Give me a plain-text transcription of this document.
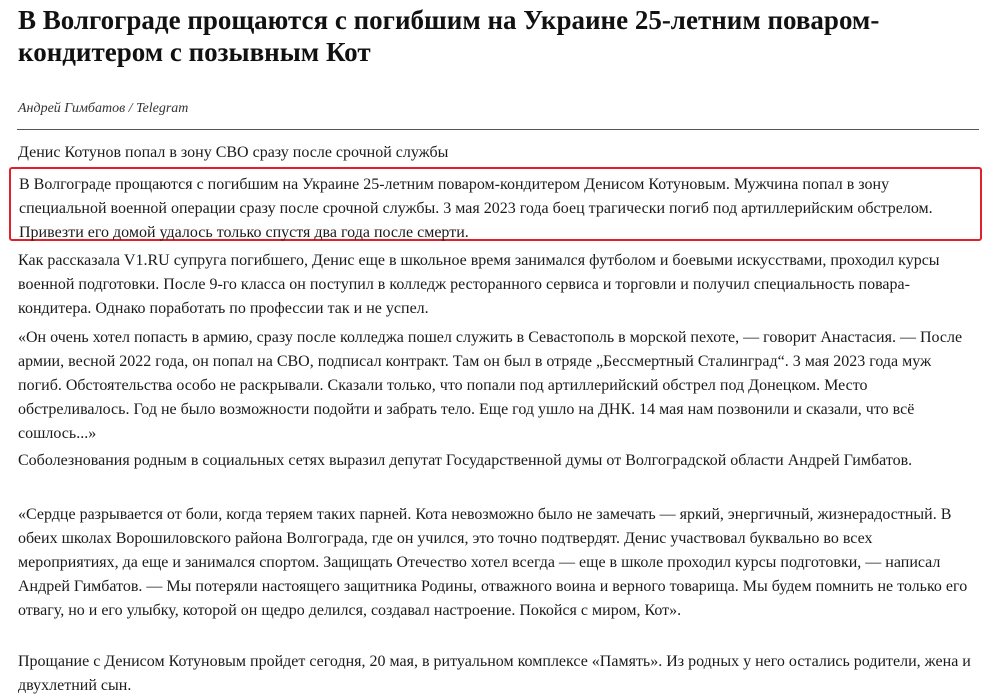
В Волгограде прощаются с погибшим на Украине 25-летним поваром-кондитером с позывным Кот

Андрей Гимбатов / Telegram

Денис Котунов попал в зону СВО сразу после срочной службы

В Волгограде прощаются с погибшим на Украине 25-летним поваром-кондитером Денисом Котуновым. Мужчина попал в зону специальной военной операции сразу после срочной службы. 3 мая 2023 года боец трагически погиб под артиллерийским обстрелом. Привезти его домой удалось только спустя два года после смерти.

Как рассказала V1.RU супруга погибшего, Денис еще в школьное время занимался футболом и боевыми искусствами, проходил курсы военной подготовки. После 9-го класса он поступил в колледж ресторанного сервиса и торговли и получил специальность повара-кондитера. Однако поработать по профессии так и не успел.

«Он очень хотел попасть в армию, сразу после колледжа пошел служить в Севастополь в морской пехоте, — говорит Анастасия. — После армии, весной 2022 года, он попал на СВО, подписал контракт. Там он был в отряде „Бессмертный Сталинград“. 3 мая 2023 года муж погиб. Обстоятельства особо не раскрывали. Сказали только, что попали под артиллерийский обстрел под Донецком. Место обстреливалось. Год не было возможности подойти и забрать тело. Еще год ушло на ДНК. 14 мая нам позвонили и сказали, что всё сошлось...»

Соболезнования родным в социальных сетях выразил депутат Государственной думы от Волгоградской области Андрей Гимбатов.

«Сердце разрывается от боли, когда теряем таких парней. Кота невозможно было не замечать — яркий, энергичный, жизнерадостный. В обеих школах Ворошиловского района Волгограда, где он учился, это точно подтвердят. Денис участвовал буквально во всех мероприятиях, да еще и занимался спортом. Защищать Отечество хотел всегда — еще в школе проходил курсы подготовки, — написал Андрей Гимбатов. — Мы потеряли настоящего защитника Родины, отважного воина и верного товарища. Мы будем помнить не только его отвагу, но и его улыбку, которой он щедро делился, создавал настроение. Покойся с миром, Кот».

Прощание с Денисом Котуновым пройдет сегодня, 20 мая, в ритуальном комплексе «Память». Из родных у него остались родители, жена и двухлетний сын.
